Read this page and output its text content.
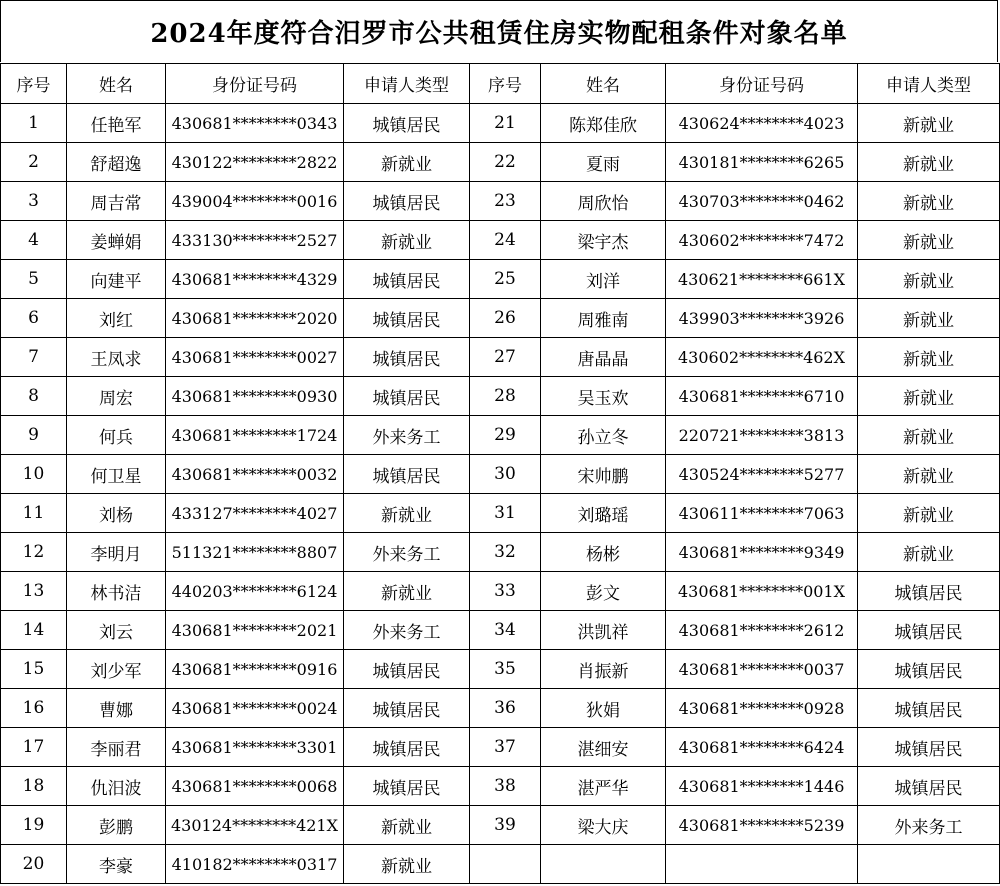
2024年度符合汨罗市公共租赁住房实物配租条件对象名单
序号	姓名	身份证号码	申请人类型	序号	姓名	身份证号码	申请人类型
1	任艳军	430681********0343	城镇居民	21	陈郑佳欣	430624********4023	新就业
2	舒超逸	430122********2822	新就业	22	夏雨	430181********6265	新就业
3	周吉常	439004********0016	城镇居民	23	周欣怡	430703********0462	新就业
4	姜蝉娟	433130********2527	新就业	24	梁宇杰	430602********7472	新就业
5	向建平	430681********4329	城镇居民	25	刘洋	430621********661X	新就业
6	刘红	430681********2020	城镇居民	26	周雅南	439903********3926	新就业
7	王凤求	430681********0027	城镇居民	27	唐晶晶	430602********462X	新就业
8	周宏	430681********0930	城镇居民	28	吴玉欢	430681********6710	新就业
9	何兵	430681********1724	外来务工	29	孙立冬	220721********3813	新就业
10	何卫星	430681********0032	城镇居民	30	宋帅鹏	430524********5277	新就业
11	刘杨	433127********4027	新就业	31	刘璐瑶	430611********7063	新就业
12	李明月	511321********8807	外来务工	32	杨彬	430681********9349	新就业
13	林书洁	440203********6124	新就业	33	彭文	430681********001X	城镇居民
14	刘云	430681********2021	外来务工	34	洪凯祥	430681********2612	城镇居民
15	刘少军	430681********0916	城镇居民	35	肖振新	430681********0037	城镇居民
16	曹娜	430681********0024	城镇居民	36	狄娟	430681********0928	城镇居民
17	李丽君	430681********3301	城镇居民	37	湛细安	430681********6424	城镇居民
18	仇汨波	430681********0068	城镇居民	38	湛严华	430681********1446	城镇居民
19	彭鹏	430124********421X	新就业	39	梁大庆	430681********5239	外来务工
20	李豪	410182********0317	新就业				
